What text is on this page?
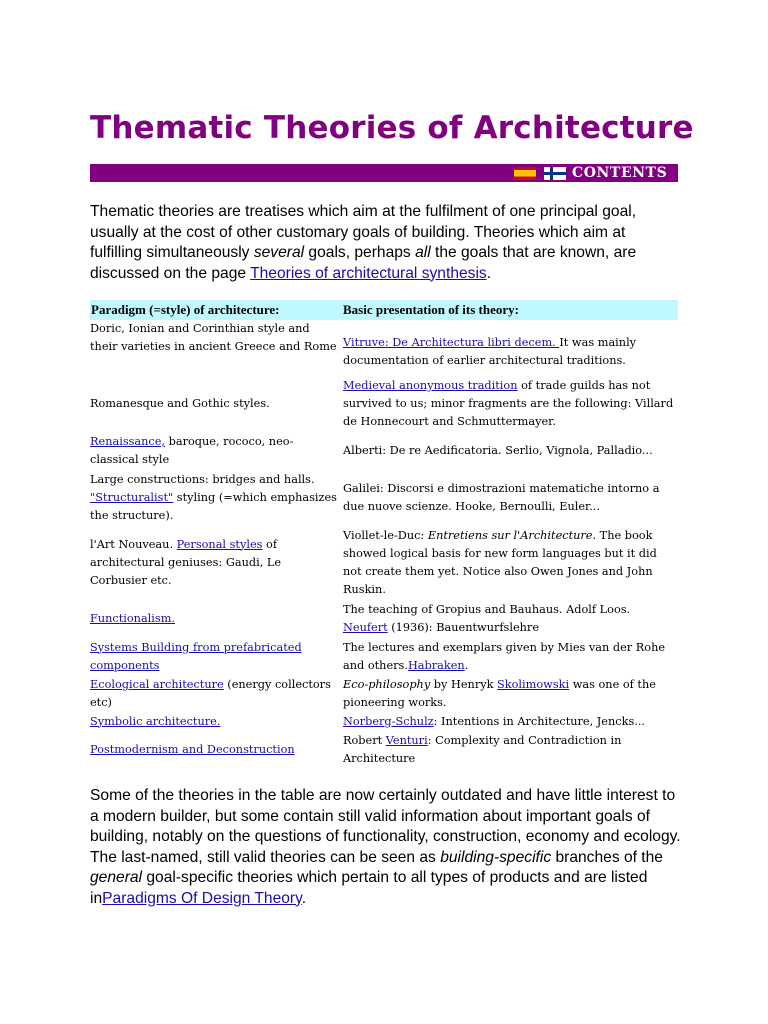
Thematic Theories of Architecture
CONTENTS

Thematic theories are treatises which aim at the fulfilment of one principal goal, usually at the cost of other customary goals of building. Theories which aim at fulfilling simultaneously several goals, perhaps all the goals that are known, are discussed on the page Theories of architectural synthesis.

Paradigm (=style) of architecture:	Basic presentation of its theory:
Doric, Ionian and Corinthian style and their varieties in ancient Greece and Rome Vitruve: De Architectura libri decem. It was mainly documentation of earlier architectural traditions.
Romanesque and Gothic styles.
Medieval anonymous tradition of trade guilds has not survived to us; minor fragments are the following: Villard de Honnecourt and Schmuttermayer.
Renaissance, baroque, rococo, neo-classical style
Alberti: De re Aedificatoria. Serlio, Vignola, Palladio...
Large constructions: bridges and halls. "Structuralist" styling (=which emphasizes the structure).
Galilei: Discorsi e dimostrazioni matematiche intorno a due nuove scienze. Hooke, Bernoulli, Euler...
l'Art Nouveau. Personal styles of architectural geniuses: Gaudi, Le Corbusier etc.
Viollet-le-Duc: Entretiens sur l'Architecture. The book showed logical basis for new form languages but it did not create them yet. Notice also Owen Jones and John Ruskin.
Functionalism.
The teaching of Gropius and Bauhaus. Adolf Loos. Neufert (1936): Bauentwurfslehre
Systems Building from prefabricated components
The lectures and exemplars given by Mies van der Rohe and others.Habraken.
Ecological architecture (energy collectors etc)
Eco-philosophy by Henryk Skolimowski was one of the pioneering works.
Symbolic architecture.	Norberg-Schulz: Intentions in Architecture, Jencks...
Postmodernism and Deconstruction
Robert Venturi: Complexity and Contradiction in Architecture

Some of the theories in the table are now certainly outdated and have little interest to a modern builder, but some contain still valid information about important goals of building, notably on the questions of functionality, construction, economy and ecology. The last-named, still valid theories can be seen as building-specific branches of the general goal-specific theories which pertain to all types of products and are listed inParadigms Of Design Theory.
